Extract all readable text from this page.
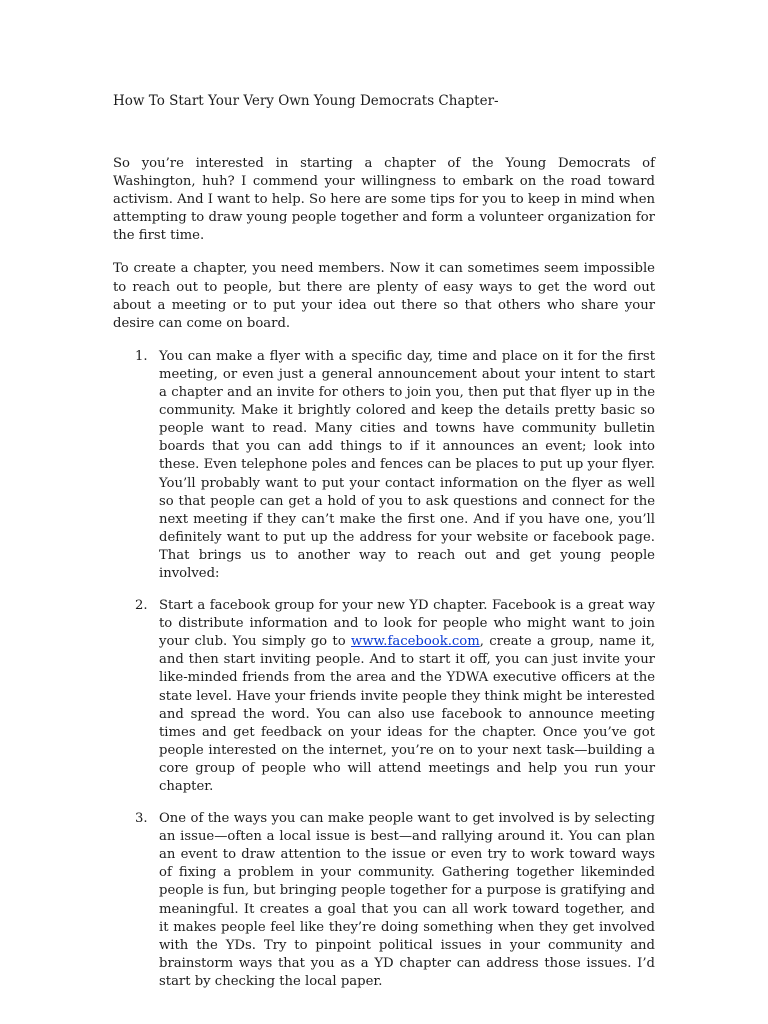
How To Start Your Very Own Young Democrats Chapter-

So you’re interested in starting a chapter of the Young Democrats of Washington, huh? I commend your willingness to embark on the road toward activism. And I want to help. So here are some tips for you to keep in mind when attempting to draw young people together and form a volunteer organization for the first time.

To create a chapter, you need members. Now it can sometimes seem impossible to reach out to people, but there are plenty of easy ways to get the word out about a meeting or to put your idea out there so that others who share your desire can come on board.

1. You can make a flyer with a specific day, time and place on it for the first meeting, or even just a general announcement about your intent to start a chapter and an invite for others to join you, then put that flyer up in the community. Make it brightly colored and keep the details pretty basic so people want to read. Many cities and towns have community bulletin boards that you can add things to if it announces an event; look into these. Even telephone poles and fences can be places to put up your flyer. You’ll probably want to put your contact information on the flyer as well so that people can get a hold of you to ask questions and connect for the next meeting if they can’t make the first one. And if you have one, you’ll definitely want to put up the address for your website or facebook page. That brings us to another way to reach out and get young people involved:
2. Start a facebook group for your new YD chapter. Facebook is a great way to distribute information and to look for people who might want to join your club. You simply go to www.facebook.com, create a group, name it, and then start inviting people. And to start it off, you can just invite your like-minded friends from the area and the YDWA executive officers at the state level. Have your friends invite people they think might be interested and spread the word. You can also use facebook to announce meeting times and get feedback on your ideas for the chapter. Once you’ve got people interested on the internet, you’re on to your next task—building a core group of people who will attend meetings and help you run your chapter.
3. One of the ways you can make people want to get involved is by selecting an issue—often a local issue is best—and rallying around it. You can plan an event to draw attention to the issue or even try to work toward ways of fixing a problem in your community. Gathering together likeminded people is fun, but bringing people together for a purpose is gratifying and meaningful. It creates a goal that you can all work toward together, and it makes people feel like they’re doing something when they get involved with the YDs. Try to pinpoint political issues in your community and brainstorm ways that you as a YD chapter can address those issues. I’d start by checking the local paper.
